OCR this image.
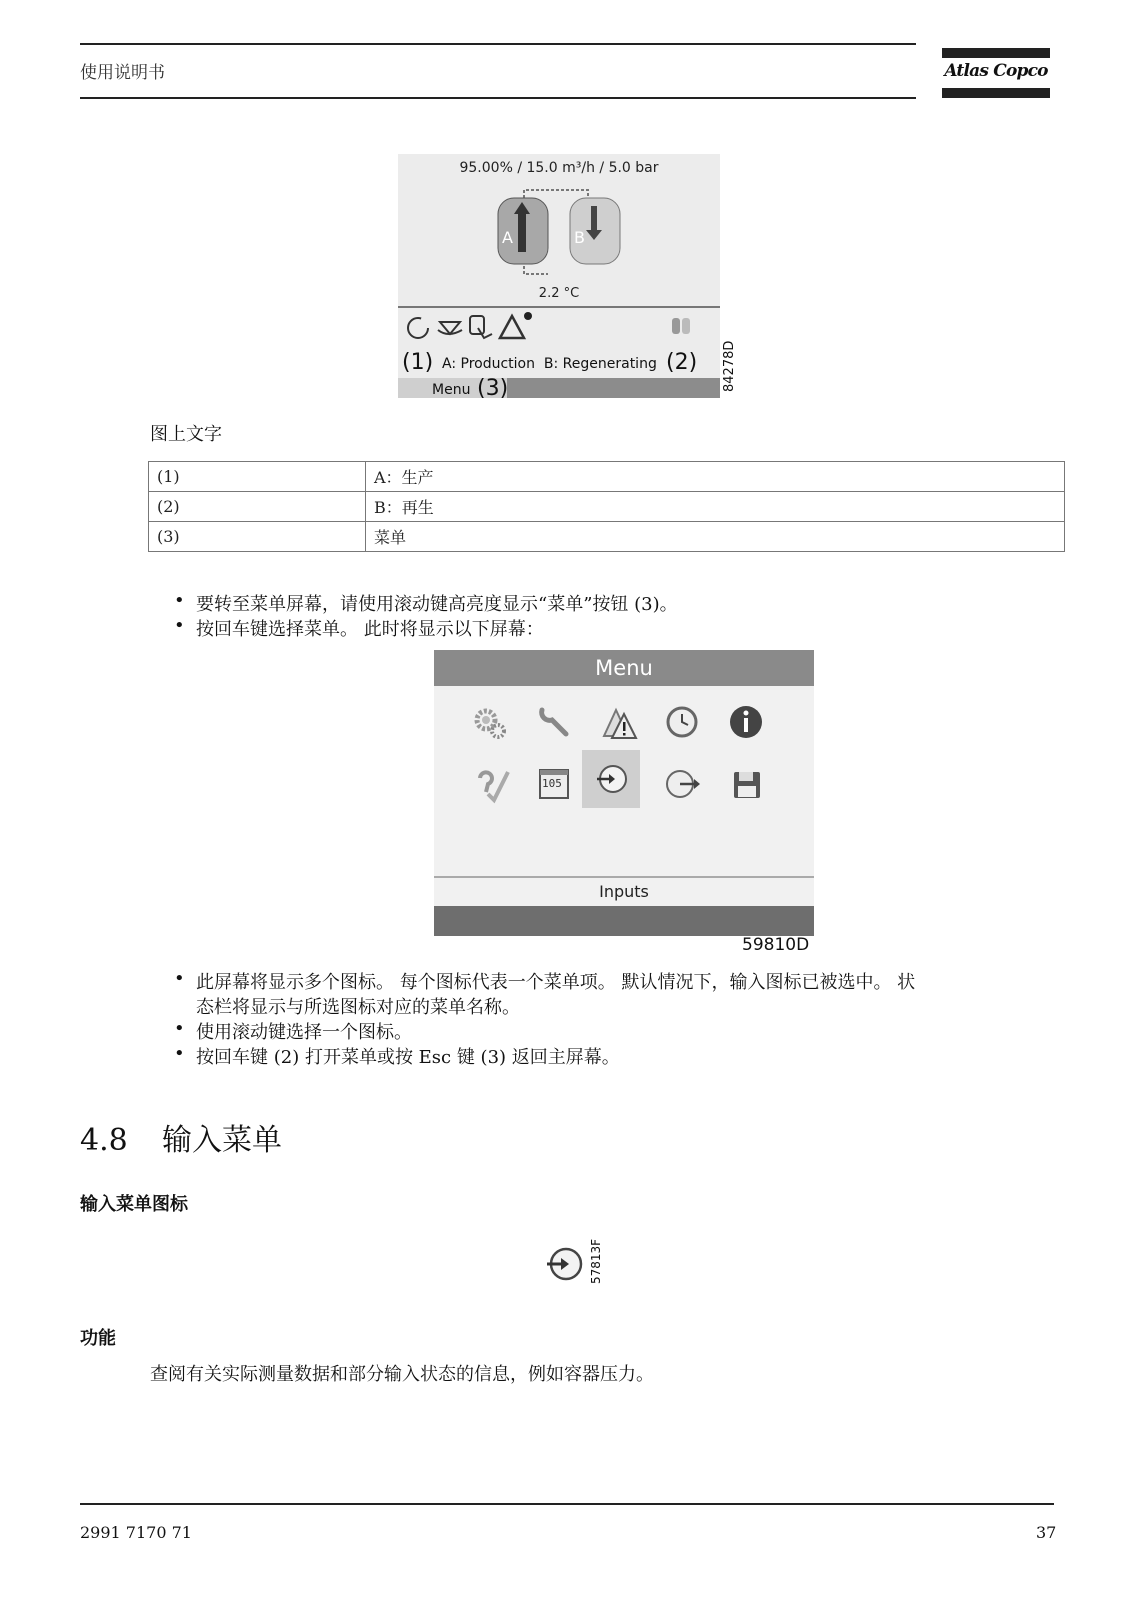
使用说明书	Atlas Copco
95.00% / 15.0 m³/h / 5.0 bar
A	B
2.2 °C
(1) A: Production  B: Regenerating (2)
Menu (3)	84278D
图上文字
(1)	A：生产
(2)	B：再生
(3)	菜单
• 要转至菜单屏幕，请使用滚动键高亮度显示“菜单”按钮 (3)。
• 按回车键选择菜单。 此时将显示以下屏幕：
Menu
105
Inputs
59810D
• 此屏幕将显示多个图标。 每个图标代表一个菜单项。 默认情况下，输入图标已被选中。 状
态栏将显示与所选图标对应的菜单名称。
• 使用滚动键选择一个图标。
• 按回车键 (2) 打开菜单或按 Esc 键 (3) 返回主屏幕。
4.8 输入菜单
输入菜单图标
57813F
功能
查阅有关实际测量数据和部分输入状态的信息，例如容器压力。
2991 7170 71	37
